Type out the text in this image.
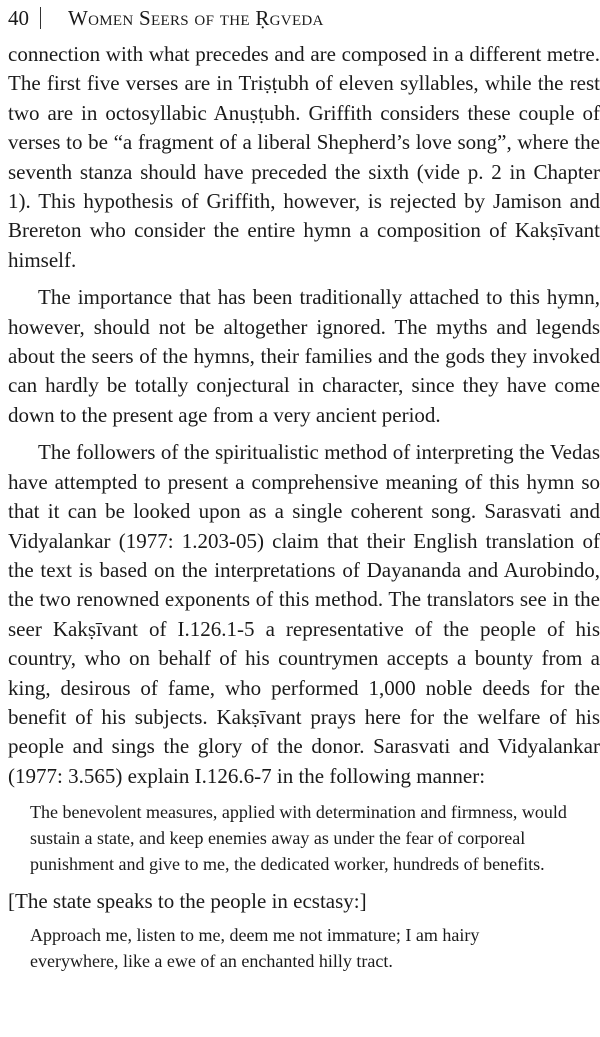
40 Women Seers of the Ṛgveda

connection with what precedes and are composed in a different metre. The first five verses are in Triṣṭubh of eleven syllables, while the rest two are in octosyllabic Anuṣṭubh. Griffith considers these couple of verses to be “a fragment of a liberal Shepherd’s love song”, where the seventh stanza should have preceded the sixth (vide p. 2 in Chapter 1). This hypothesis of Griffith, however, is rejected by Jamison and Brereton who consider the entire hymn a composition of Kakṣīvant himself.

The importance that has been traditionally attached to this hymn, however, should not be altogether ignored. The myths and legends about the seers of the hymns, their families and the gods they invoked can hardly be totally conjectural in character, since they have come down to the present age from a very ancient period.

The followers of the spiritualistic method of interpreting the Vedas have attempted to present a comprehensive meaning of this hymn so that it can be looked upon as a single coherent song. Sarasvati and Vidyalankar (1977: 1.203-05) claim that their English translation of the text is based on the interpretations of Dayananda and Aurobindo, the two renowned exponents of this method. The translators see in the seer Kakṣīvant of I.126.1-5 a representative of the people of his country, who on behalf of his countrymen accepts a bounty from a king, desirous of fame, who performed 1,000 noble deeds for the benefit of his subjects. Kakṣīvant prays here for the welfare of his people and sings the glory of the donor. Sarasvati and Vidyalankar (1977: 3.565) explain I.126.6-7 in the following manner:

The benevolent measures, applied with determination and firmness, would sustain a state, and keep enemies away as under the fear of corporeal punishment and give to me, the dedicated worker, hundreds of benefits.

[The state speaks to the people in ecstasy:]

Approach me, listen to me, deem me not immature; I am hairy everywhere, like a ewe of an enchanted hilly tract.
